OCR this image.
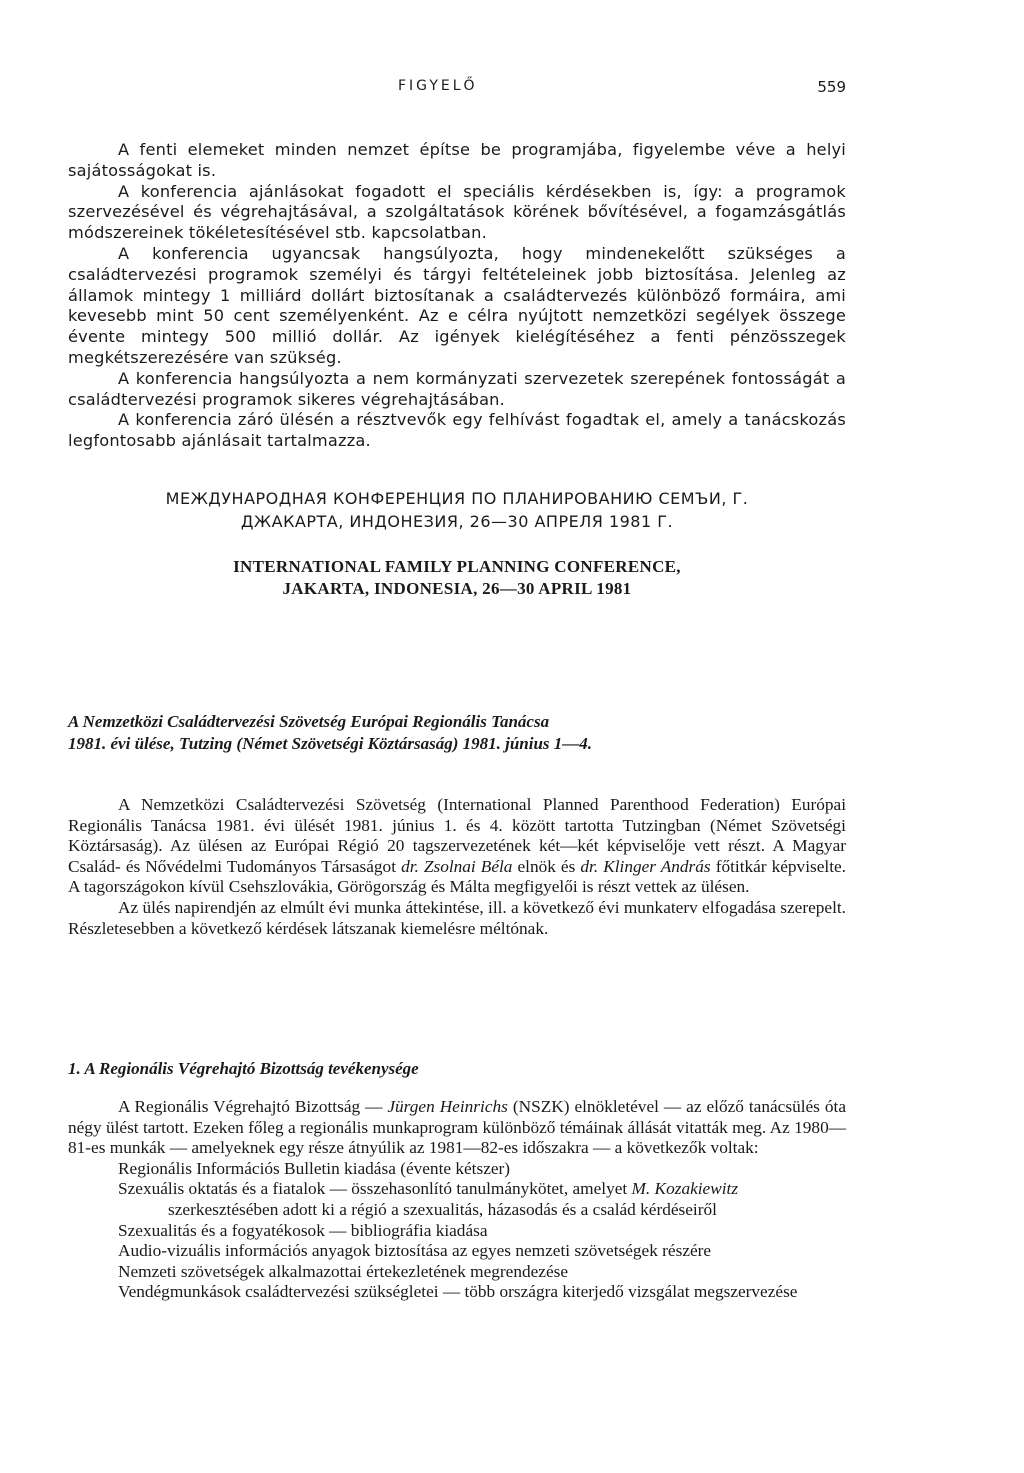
FIGYELŐ	559

A fenti elemeket minden nemzet építse be programjába, figyelembe véve a helyi sajátosságokat is.

A konferencia ajánlásokat fogadott el speciális kérdésekben is, így: a programok szervezésével és végrehajtásával, a szolgáltatások körének bővítésével, a fogamzásgátlás módszereinek tökéletesítésével stb. kapcsolatban.

A konferencia ugyancsak hangsúlyozta, hogy mindenekelőtt szükséges a családtervezési programok személyi és tárgyi feltételeinek jobb biztosítása. Jelenleg az államok mintegy 1 milliárd dollárt biztosítanak a családtervezés különböző formáira, ami kevesebb mint 50 cent személyenként. Az e célra nyújtott nemzetközi segélyek összege évente mintegy 500 millió dollár. Az igények kielégítéséhez a fenti pénzösszegek megkétszerezésére van szükség.

A konferencia hangsúlyozta a nem kormányzati szervezetek szerepének fontosságát a családtervezési programok sikeres végrehajtásában.

A konferencia záró ülésén a résztvevők egy felhívást fogadtak el, amely a tanácskozás legfontosabb ajánlásait tartalmazza.

МЕЖДУНАРОДНАЯ КОНФЕРЕНЦИЯ ПО ПЛАНИРОВАНИЮ СЕМЪИ, Г.
ДЖАКАРТА, ИНДОНЕЗИЯ, 26—30 АПРЕЛЯ 1981 Г.
INTERNATIONAL FAMILY PLANNING CONFERENCE,
JAKARTA, INDONESIA, 26—30 APRIL 1981
A Nemzetközi Családtervezési Szövetség Európai Regionális Tanácsa
1981. évi ülése, Tutzing (Német Szövetségi Köztársaság) 1981. június 1—4.

A Nemzetközi Családtervezési Szövetség (International Planned Parenthood Federation) Európai Regionális Tanácsa 1981. évi ülését 1981. június 1. és 4. között tartotta Tutzingban (Német Szövetségi Köztársaság). Az ülésen az Európai Régió 20 tagszervezetének két—két képviselője vett részt. A Magyar Család- és Nővédelmi Tudományos Társaságot dr. Zsolnai Béla elnök és dr. Klinger András főtitkár képviselte. A tagországokon kívül Csehszlovákia, Görögország és Málta megfigyelői is részt vettek az ülésen.

Az ülés napirendjén az elmúlt évi munka áttekintése, ill. a következő évi munkaterv elfogadása szerepelt. Részletesebben a következő kérdések látszanak kiemelésre méltónak.

1. A Regionális Végrehajtó Bizottság tevékenysége

A Regionális Végrehajtó Bizottság — Jürgen Heinrichs (NSZK) elnökletével — az előző tanácsülés óta négy ülést tartott. Ezeken főleg a regionális munkaprogram különböző témáinak állását vitatták meg. Az 1980—81-es munkák — amelyeknek egy része átnyúlik az 1981—82-es időszakra — a következők voltak:

Regionális Információs Bulletin kiadása (évente kétszer)
Szexuális oktatás és a fiatalok — összehasonlító tanulmánykötet, amelyet M. Kozakiewitz szerkesztésében adott ki a régió a szexualitás, házasodás és a család kérdéseiről
Szexualitás és a fogyatékosok — bibliográfia kiadása
Audio-vizuális információs anyagok biztosítása az egyes nemzeti szövetségek részére
Nemzeti szövetségek alkalmazottai értekezletének megrendezése
Vendégmunkások családtervezési szükségletei — több országra kiterjedő vizsgálat megszervezése
